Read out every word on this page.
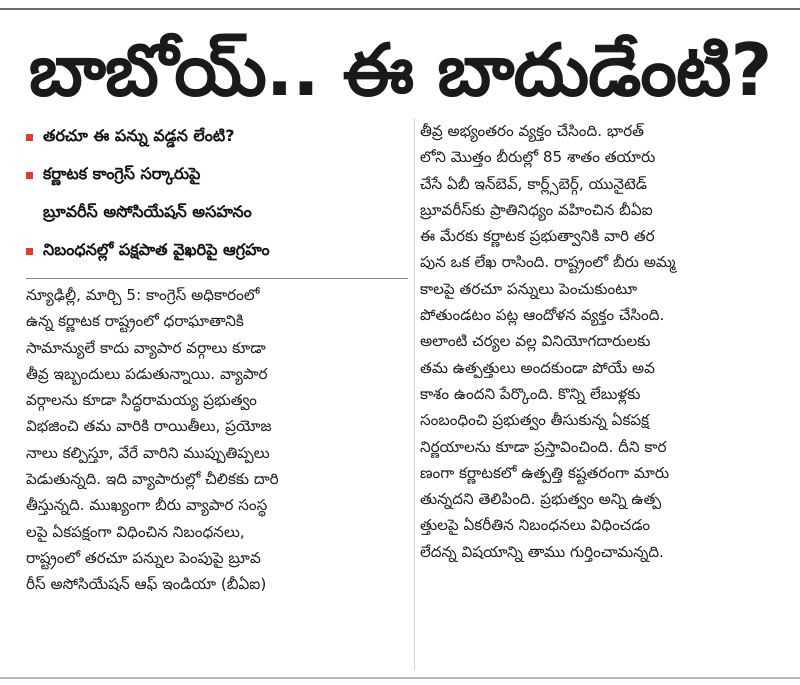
బాబోయ్.. ఈ బాదుడేంటి?
తరచూ ఈ పన్ను వడ్డన లేంటి?
కర్ణాటక కాంగ్రెస్ సర్కారుపై
బ్రూవరీస్ అసోసియేషన్ అసహనం
నిబంధనల్లో పక్షపాత వైఖరిపై ఆగ్రహం
న్యూఢిల్లీ, మార్చి 5: కాంగ్రెస్ అధికారంలో
ఉన్న కర్ణాటక రాష్ట్రంలో ధరాఘాతానికి
సామాన్యులే కాదు వ్యాపార వర్గాలు కూడా
తీవ్ర ఇబ్బందులు పడుతున్నాయి. వ్యాపార
వర్గాలను కూడా సిద్ధరామయ్య ప్రభుత్వం
విభజించి తమ వారికి రాయితీలు, ప్రయోజ
నాలు కల్పిస్తూ, వేరే వారిని ముప్పుతిప్పలు
పెడుతున్నది. ఇది వ్యాపారుల్లో చీలికకు దారి
తీస్తున్నది. ముఖ్యంగా బీరు వ్యాపార సంస్థ
లపై ఏకపక్షంగా విధించిన నిబంధనలు,
రాష్ట్రంలో తరచూ పన్నుల పెంపుపై బ్రూవ
రీస్ అసోసియేషన్ ఆఫ్ ఇండియా (బీఏఐ)
తీవ్ర అభ్యంతరం వ్యక్తం చేసింది. భారత్
లోని మొత్తం బీరుల్లో 85 శాతం తయారు
చేసే ఏబీ ఇన్‌బెవ్, కార్ల్స్‌బెర్గ్, యునైటెడ్
బ్రూవరీస్‌కు ప్రాతినిధ్యం వహించిన బీఏఐ
ఈ మేరకు కర్ణాటక ప్రభుత్వానికి వారి తర
పున ఒక లేఖ రాసింది. రాష్ట్రంలో బీరు అమ్మ
కాలపై తరచూ పన్నులు పెంచుకుంటూ
పోతుండటం పట్ల ఆందోళన వ్యక్తం చేసింది.
అలాంటి చర్యల వల్ల వినియోగదారులకు
తమ ఉత్పత్తులు అందకుండా పోయే అవ
కాశం ఉందని పేర్కొంది. కొన్ని లేబుళ్లకు
సంబంధించి ప్రభుత్వం తీసుకున్న ఏకపక్ష
నిర్ణయాలను కూడా ప్రస్తావించింది. దీని కార
ణంగా కర్ణాటకలో ఉత్పత్తి కష్టతరంగా మారు
తున్నదని తెలిపింది. ప్రభుత్వం అన్ని ఉత్ప
త్తులపై ఏకరీతిన నిబంధనలు విధించడం
లేదన్న విషయాన్ని తాము గుర్తించామన్నది.
